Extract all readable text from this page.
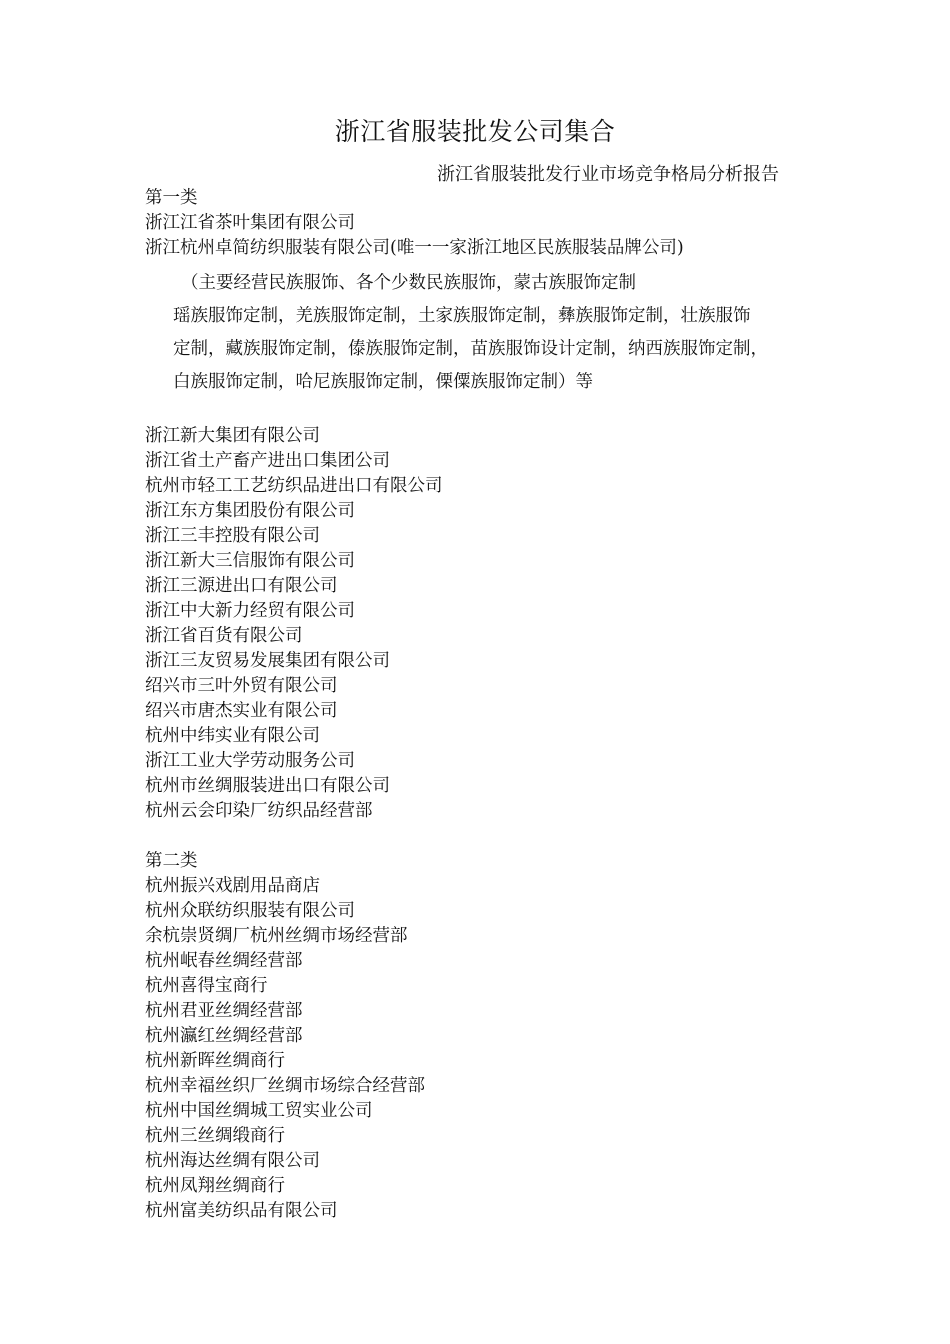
浙江省服装批发公司集合
浙江省服装批发行业市场竞争格局分析报告
第一类
浙江江省茶叶集团有限公司
浙江杭州卓简纺织服装有限公司(唯一一家浙江地区民族服装品牌公司)
（主要经营民族服饰、各个少数民族服饰，蒙古族服饰定制
瑶族服饰定制，羌族服饰定制，土家族服饰定制，彝族服饰定制，壮族服饰
定制，藏族服饰定制，傣族服饰定制，苗族服饰设计定制，纳西族服饰定制，
白族服饰定制，哈尼族服饰定制，傈僳族服饰定制）等
浙江新大集团有限公司
浙江省土产畜产进出口集团公司
杭州市轻工工艺纺织品进出口有限公司
浙江东方集团股份有限公司
浙江三丰控股有限公司
浙江新大三信服饰有限公司
浙江三源进出口有限公司
浙江中大新力经贸有限公司
浙江省百货有限公司
浙江三友贸易发展集团有限公司
绍兴市三叶外贸有限公司
绍兴市唐杰实业有限公司
杭州中纬实业有限公司
浙江工业大学劳动服务公司
杭州市丝绸服装进出口有限公司
杭州云会印染厂纺织品经营部
第二类
杭州振兴戏剧用品商店
杭州众联纺织服装有限公司
余杭崇贤绸厂杭州丝绸市场经营部
杭州岷春丝绸经营部
杭州喜得宝商行
杭州君亚丝绸经营部
杭州瀛红丝绸经营部
杭州新晖丝绸商行
杭州幸福丝织厂丝绸市场综合经营部
杭州中国丝绸城工贸实业公司
杭州三丝绸缎商行
杭州海达丝绸有限公司
杭州凤翔丝绸商行
杭州富美纺织品有限公司
